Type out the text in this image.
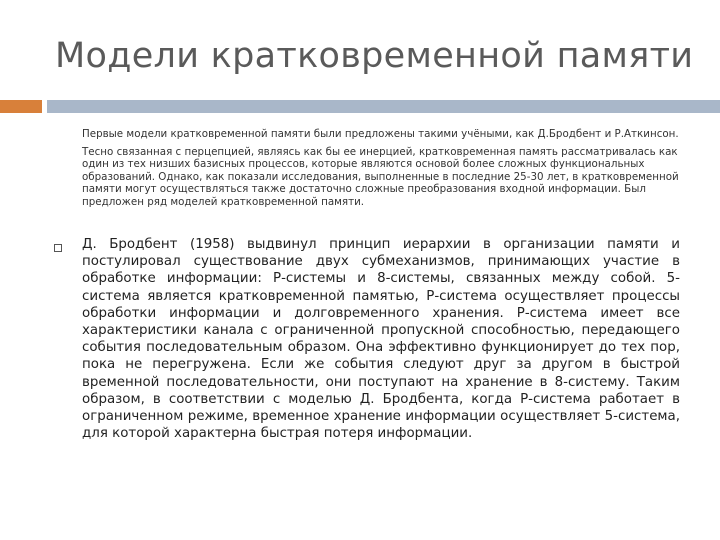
Модели кратковременной памяти

Первые модели кратковременной памяти были предложены такими учёными, как Д.Бродбент и Р.Аткинсон.

Тесно связанная с перцепцией, являясь как бы ее инерцией, кратковременная память рассматривалась как один из тех низших базисных процессов, которые являются основой более сложных функциональных образований. Однако, как показали исследования, выполненные в последние 25-30 лет, в кратковременной памяти могут осуществляться также достаточно сложные преобразования входной информации. Был предложен ряд моделей кратковременной памяти.

Д. Бродбент (1958) выдвинул принцип иерархии в организации памяти и постулировал существование двух субмеханизмов, принимающих участие в обработке информации: Р-системы и 8-системы, связанных между собой. 5-система является кратковременной памятью, Р-система осуществляет процессы обработки информации и долговременного хранения. Р-система имеет все характеристики канала с ограниченной пропускной способностью, передающего события последовательным образом. Она эффективно функционирует до тех пор, пока не перегружена. Если же события следуют друг за другом в быстрой временной последовательности, они поступают на хранение в 8-систему. Таким образом, в соответствии с моделью Д. Бродбента, когда Р-система работает в ограниченном режиме, временное хранение информации осуществляет 5-система, для которой характерна быстрая потеря информации.
